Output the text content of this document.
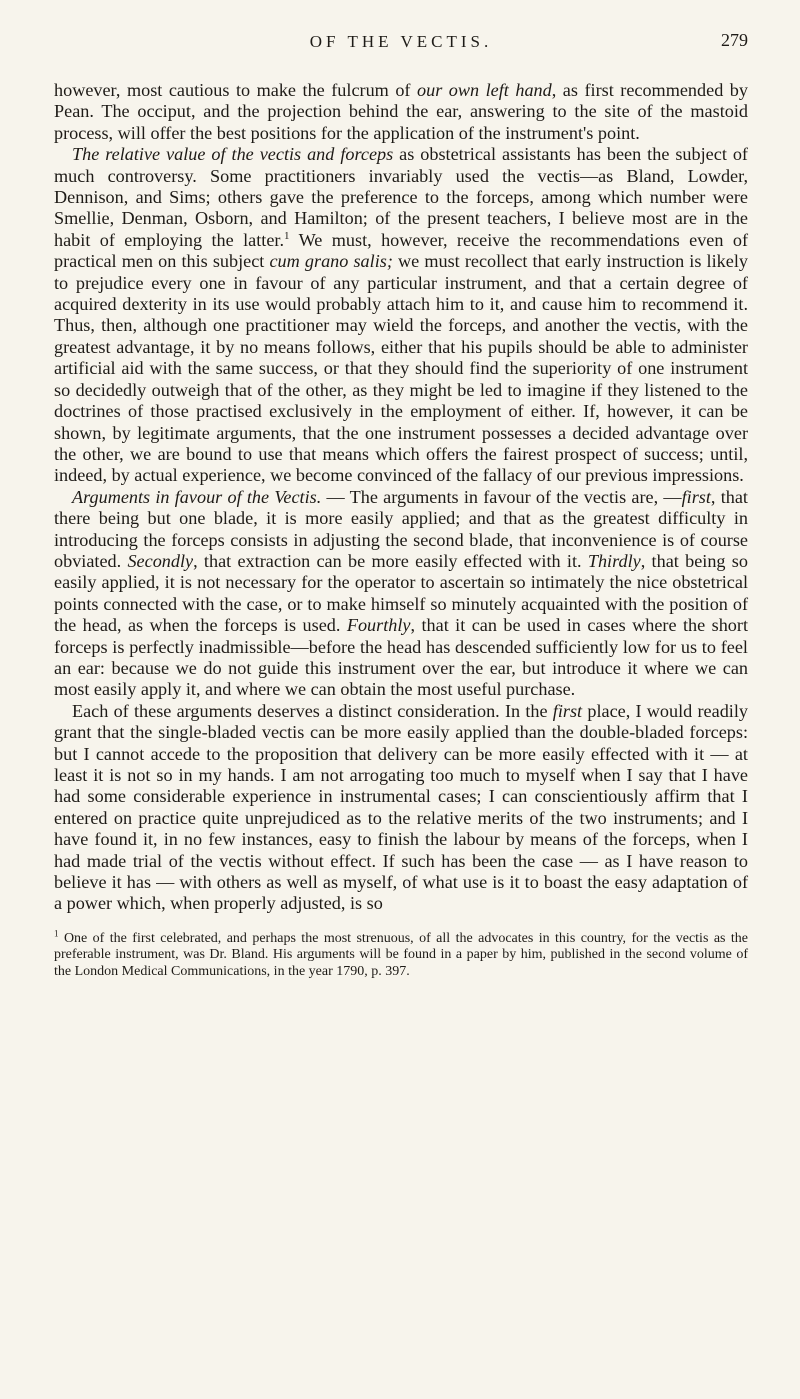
OF THE VECTIS.	279

however, most cautious to make the fulcrum of our own left hand, as first recommended by Pean. The occiput, and the projection behind the ear, answering to the site of the mastoid process, will offer the best positions for the application of the instrument's point.

The relative value of the vectis and forceps as obstetrical assistants has been the subject of much controversy. Some practitioners invariably used the vectis—as Bland, Lowder, Dennison, and Sims; others gave the preference to the forceps, among which number were Smellie, Denman, Osborn, and Hamilton; of the present teachers, I believe most are in the habit of employing the latter.$^1$ We must, however, receive the recommendations even of practical men on this subject cum grano salis; we must recollect that early instruction is likely to prejudice every one in favour of any particular instrument, and that a certain degree of acquired dexterity in its use would probably attach him to it, and cause him to recommend it. Thus, then, although one practitioner may wield the forceps, and another the vectis, with the greatest advantage, it by no means follows, either that his pupils should be able to administer artificial aid with the same success, or that they should find the superiority of one instrument so decidedly outweigh that of the other, as they might be led to imagine if they listened to the doctrines of those practised exclusively in the employment of either. If, however, it can be shown, by legitimate arguments, that the one instrument possesses a decided advantage over the other, we are bound to use that means which offers the fairest prospect of success; until, indeed, by actual experience, we become convinced of the fallacy of our previous impressions.

Arguments in favour of the Vectis. — The arguments in favour of the vectis are, —first, that there being but one blade, it is more easily applied; and that as the greatest difficulty in introducing the forceps consists in adjusting the second blade, that inconvenience is of course obviated. Secondly, that extraction can be more easily effected with it. Thirdly, that being so easily applied, it is not necessary for the operator to ascertain so intimately the nice obstetrical points connected with the case, or to make himself so minutely acquainted with the position of the head, as when the forceps is used. Fourthly, that it can be used in cases where the short forceps is perfectly inadmissible—before the head has descended sufficiently low for us to feel an ear: because we do not guide this instrument over the ear, but introduce it where we can most easily apply it, and where we can obtain the most useful purchase.

Each of these arguments deserves a distinct consideration. In the first place, I would readily grant that the single-bladed vectis can be more easily applied than the double-bladed forceps: but I cannot accede to the proposition that delivery can be more easily effected with it — at least it is not so in my hands. I am not arrogating too much to myself when I say that I have had some considerable experience in instrumental cases; I can conscientiously affirm that I entered on practice quite unprejudiced as to the relative merits of the two instruments; and I have found it, in no few instances, easy to finish the labour by means of the forceps, when I had made trial of the vectis without effect. If such has been the case — as I have reason to believe it has — with others as well as myself, of what use is it to boast the easy adaptation of a power which, when properly adjusted, is so

$^1$ One of the first celebrated, and perhaps the most strenuous, of all the advocates in this country, for the vectis as the preferable instrument, was Dr. Bland. His arguments will be found in a paper by him, published in the second volume of the London Medical Communications, in the year 1790, p. 397.
